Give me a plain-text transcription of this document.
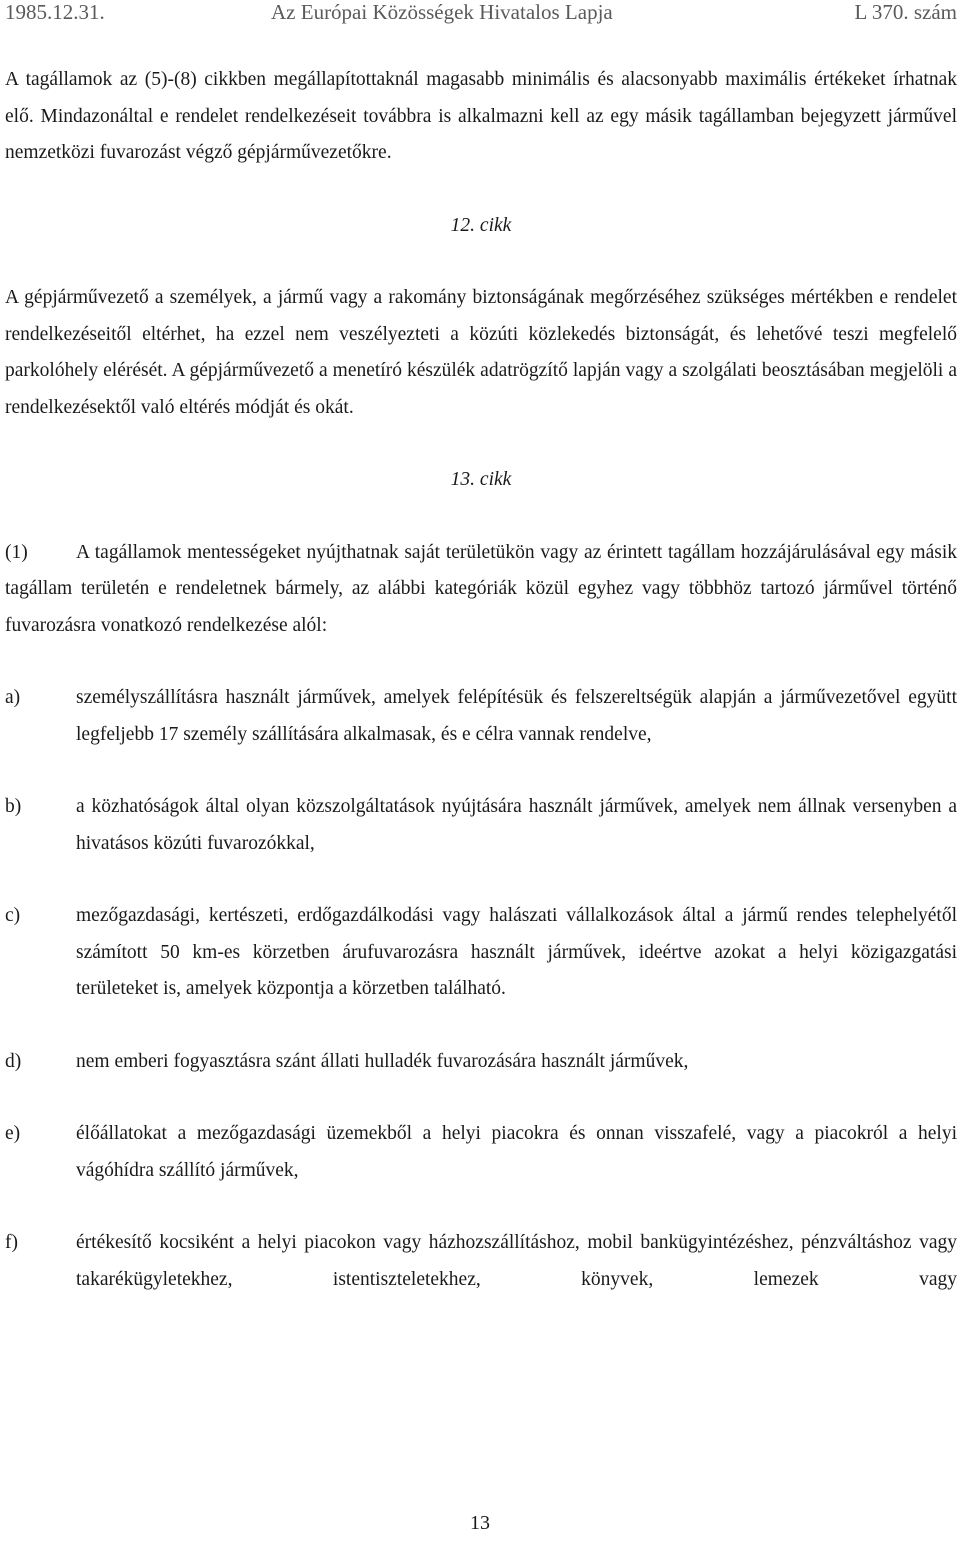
1985.12.31.	Az Európai Közösségek Hivatalos Lapja	L 370. szám

A tagállamok az (5)-(8) cikkben megállapítottaknál magasabb minimális és alacsonyabb maximális értékeket írhatnak elő. Mindazonáltal e rendelet rendelkezéseit továbbra is alkalmazni kell az egy másik tagállamban bejegyzett járművel nemzetközi fuvarozást végző gépjárművezetőkre.

12. cikk

A gépjárművezető a személyek, a jármű vagy a rakomány biztonságának megőrzéséhez szükséges mértékben e rendelet rendelkezéseitől eltérhet, ha ezzel nem veszélyezteti a közúti közlekedés biztonságát, és lehetővé teszi megfelelő parkolóhely elérését. A gépjárművezető a menetíró készülék adatrögzítő lapján vagy a szolgálati beosztásában megjelöli a rendelkezésektől való eltérés módját és okát.

13. cikk

(1) A tagállamok mentességeket nyújthatnak saját területükön vagy az érintett tagállam hozzájárulásával egy másik tagállam területén e rendeletnek bármely, az alábbi kategóriák közül egyhez vagy többhöz tartozó járművel történő fuvarozásra vonatkozó rendelkezése alól:

a)	személyszállításra használt járművek, amelyek felépítésük és felszereltségük alapján a járművezetővel együtt legfeljebb 17 személy szállítására alkalmasak, és e célra vannak rendelve,
b)	a közhatóságok által olyan közszolgáltatások nyújtására használt járművek, amelyek nem állnak versenyben a hivatásos közúti fuvarozókkal,
c)	mezőgazdasági, kertészeti, erdőgazdálkodási vagy halászati vállalkozások által a jármű rendes telephelyétől számított 50 km-es körzetben árufuvarozásra használt járművek, ideértve azokat a helyi közigazgatási területeket is, amelyek központja a körzetben található.
d)	nem emberi fogyasztásra szánt állati hulladék fuvarozására használt járművek,
e)	élőállatokat a mezőgazdasági üzemekből a helyi piacokra és onnan visszafelé, vagy a piacokról a helyi vágóhídra szállító járművek,
f)	értékesítő kocsiként a helyi piacokon vagy házhozszállításhoz, mobil bankügyintézéshez, pénzváltáshoz vagy takarékügyletekhez, istentiszteletekhez, könyvek, lemezek vagy
13
